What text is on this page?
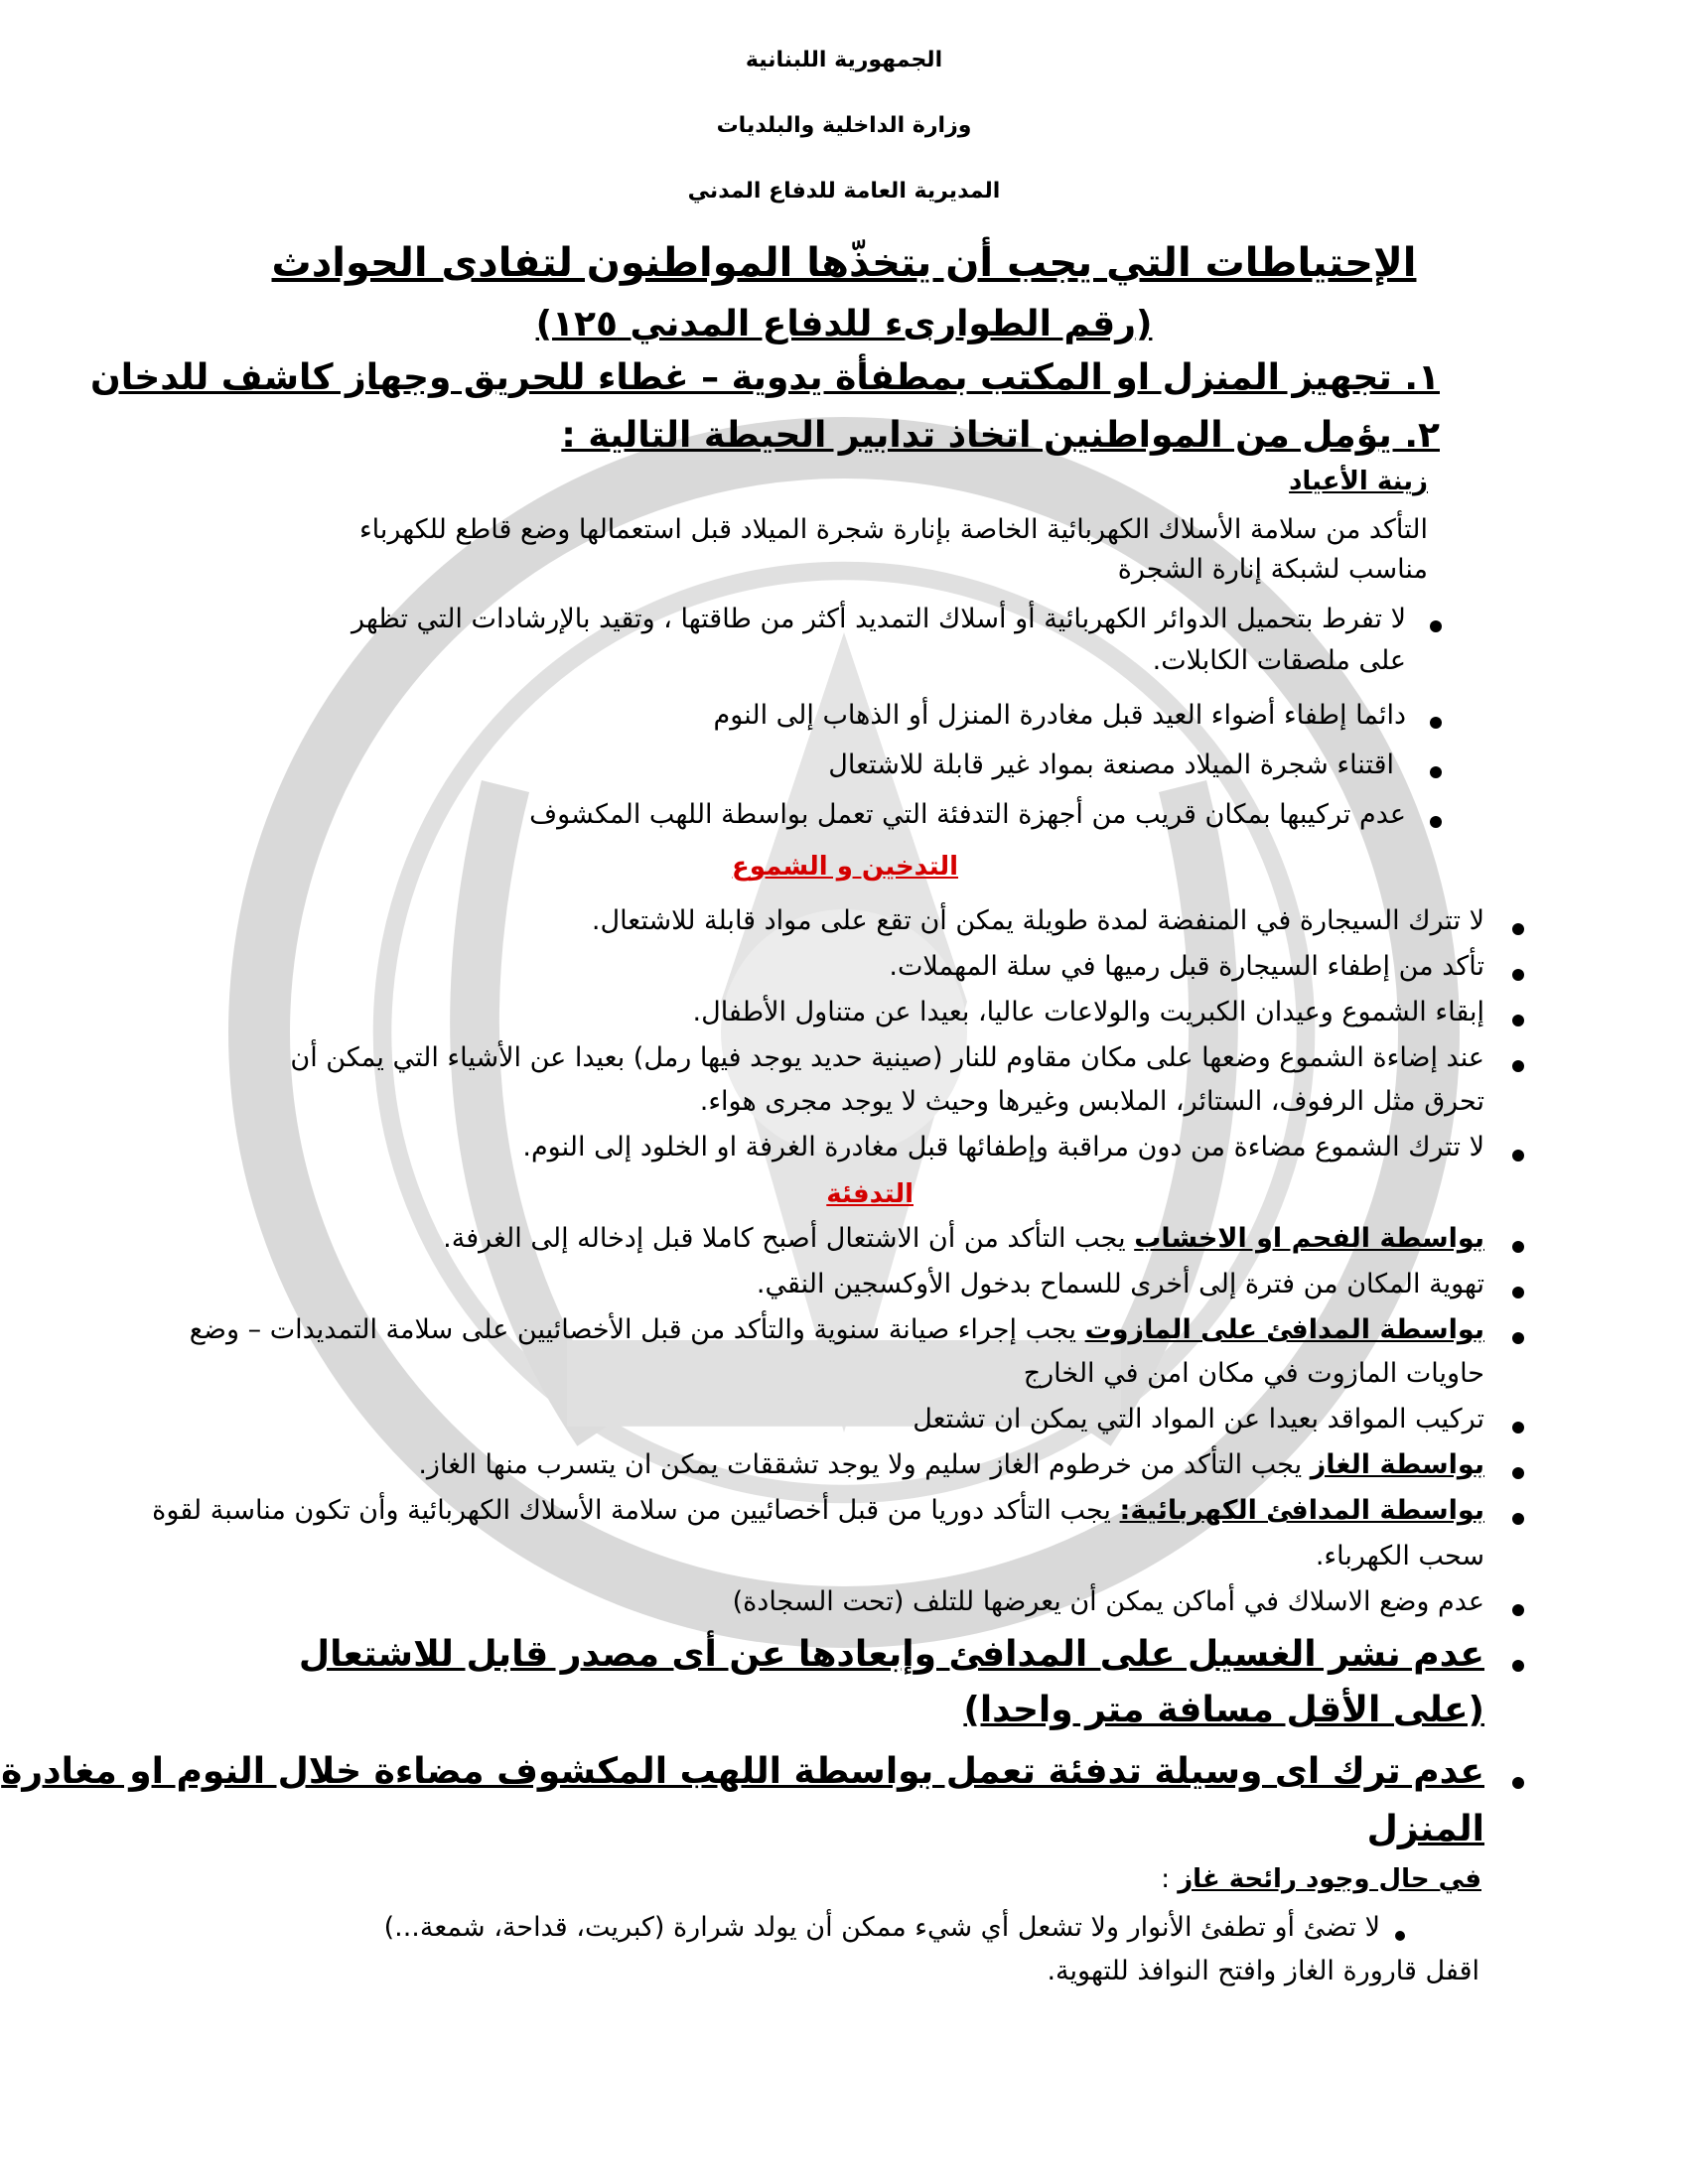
الجمهورية اللبنانية
وزارة الداخلية والبلديات
المديرية العامة للدفاع المدني
الإحتياطات التي يجب أن يتخذّها المواطنون لتفادى الحوادث
(رقم الطوارىء للدفاع المدني ١٢٥)
١. تجهيز المنزل او المكتب بمطفأة يدوية – غطاء للحريق وجهاز كاشف للدخان
٢. يؤمل من المواطنين اتخاذ تدابير الحيطة التالية :
زينة الأعياد
التأكد من سلامة الأسلاك الكهربائية الخاصة بإنارة شجرة الميلاد قبل استعمالها وضع قاطع للكهرباء
مناسب لشبكة إنارة الشجرة
لا تفرط بتحميل الدوائر الكهربائية أو أسلاك التمديد أكثر من طاقتها ، وتقيد بالإرشادات التي تظهر
على ملصقات الكابلات.
دائما إطفاء أضواء العيد قبل مغادرة المنزل أو الذهاب إلى النوم
اقتناء شجرة الميلاد مصنعة بمواد غير قابلة للاشتعال
عدم تركيبها بمكان قريب من أجهزة التدفئة التي تعمل بواسطة اللهب المكشوف
التدخين و الشموع
لا تترك السيجارة في المنفضة لمدة طويلة يمكن أن تقع على مواد قابلة للاشتعال.
تأكد من إطفاء السيجارة قبل رميها في سلة المهملات.
إبقاء الشموع وعيدان الكبريت والولاعات عاليا، بعيدا عن متناول الأطفال.
عند إضاءة الشموع وضعها على مكان مقاوم للنار (صينية حديد يوجد فيها رمل) بعيدا عن الأشياء التي يمكن أن
تحرق مثل الرفوف، الستائر، الملابس وغيرها وحيث لا يوجد مجرى هواء.
لا تترك الشموع مضاءة من دون مراقبة وإطفائها قبل مغادرة الغرفة او الخلود إلى النوم.
التدفئة
بواسطة الفحم او الاخشاب يجب التأكد من أن الاشتعال أصبح كاملا قبل إدخاله إلى الغرفة.
تهوية المكان من فترة إلى أخرى للسماح بدخول الأوكسجين النقي.
بواسطة المدافئ على المازوت يجب إجراء صيانة سنوية والتأكد من قبل الأخصائيين على سلامة التمديدات – وضع
حاويات المازوت في مكان امن في الخارج
تركيب المواقد بعيدا عن المواد التي يمكن ان تشتعل
بواسطة الغاز يجب التأكد من خرطوم الغاز سليم ولا يوجد تشققات يمكن ان يتسرب منها الغاز.
بواسطة المدافئ الكهربائية: يجب التأكد دوريا من قبل أخصائيين من سلامة الأسلاك الكهربائية وأن تكون مناسبة لقوة
سحب الكهرباء.
عدم وضع الاسلاك في أماكن يمكن أن يعرضها للتلف (تحت السجادة)
عدم نشر الغسيل على المدافئ وإبعادها عن أى مصدر قابل للاشتعال
(على الأقل مسافة متر واحدا)
عدم ترك اى وسيلة تدفئة تعمل بواسطة اللهب المكشوف مضاءة خلال النوم او مغادرة
المنزل
في حال وجود رائحة غاز :
لا تضئ أو تطفئ الأنوار ولا تشعل أي شيء ممكن أن يولد شرارة (كبريت، قداحة، شمعة...)
اقفل قارورة الغاز وافتح النوافذ للتهوية.
